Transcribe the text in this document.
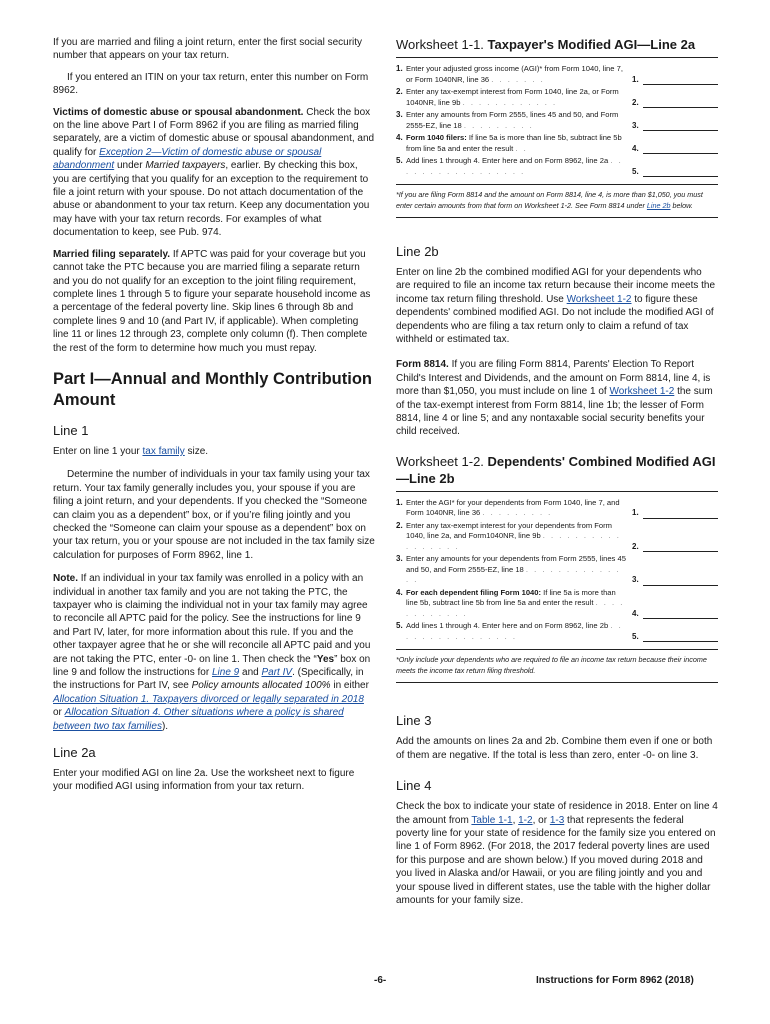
If you are married and filing a joint return, enter the first social security number that appears on your tax return.

If you entered an ITIN on your tax return, enter this number on Form 8962.

Victims of domestic abuse or spousal abandonment. Check the box on the line above Part I of Form 8962 if you are filing as married filing separately, are a victim of domestic abuse or spousal abandonment, and qualify for Exception 2—Victim of domestic abuse or spousal abandonment under Married taxpayers, earlier. By checking this box, you are certifying that you qualify for an exception to the requirement to file a joint return with your spouse. Do not attach documentation of the abuse or abandonment to your tax return. Keep any documentation you may have with your tax return records. For examples of what documentation to keep, see Pub. 974.

Married filing separately. If APTC was paid for your coverage but you cannot take the PTC because you are married filing a separate return and you do not qualify for an exception to the joint filing requirement, complete lines 1 through 5 to figure your separate household income as a percentage of the federal poverty line. Skip lines 6 through 8b and complete lines 9 and 10 (and Part IV, if applicable). When completing line 11 or lines 12 through 23, complete only column (f). Then complete the rest of the form to determine how much you must repay.

Part I—Annual and Monthly Contribution Amount
Line 1

Enter on line 1 your tax family size.

Determine the number of individuals in your tax family using your tax return. Your tax family generally includes you, your spouse if you are filing a joint return, and your dependents. If you checked the “Someone can claim you as a dependent” box, or if you’re filing jointly and you checked the “Someone can claim your spouse as a dependent” box on your tax return, you or your spouse are not included in the tax family size calculation for purposes of Form 8962, line 1.

Note. If an individual in your tax family was enrolled in a policy with an individual in another tax family and you are not taking the PTC, the taxpayer who is claiming the individual not in your tax family may agree to reconcile all APTC paid for the policy. See the instructions for line 9 and Part IV, later, for more information about this rule. If you and the other taxpayer agree that he or she will reconcile all APTC paid and you are not taking the PTC, enter -0- on line 1. Then check the “Yes” box on line 9 and follow the instructions for Line 9 and Part IV. (Specifically, in the instructions for Part IV, see Policy amounts allocated 100% in either Allocation Situation 1. Taxpayers divorced or legally separated in 2018 or Allocation Situation 4. Other situations where a policy is shared between two tax families).

Line 2a

Enter your modified AGI on line 2a. Use the worksheet next to figure your modified AGI using information from your tax return.

Worksheet 1-1. Taxpayer's Modified AGI—Line 2a
1. Enter your adjusted gross income (AGI)* from Form 1040, line 7, or Form 1040NR, line 36 . . . . . . .	1.
2. Enter any tax-exempt interest from Form 1040, line 2a, or Form 1040NR, line 9b . . . . . . . . . . . .	2.
3. Enter any amounts from Form 2555, lines 45 and 50, and Form 2555-EZ, line 18 . . . . . . . . .	3.
4. Form 1040 filers: If line 5a is more than line 5b, subtract line 5b from line 5a and enter the result . .	4.
5. Add lines 1 through 4. Enter here and on Form 8962, line 2a . . . . . . . . . . . . . . . . .	5.
*If you are filing Form 8814 and the amount on Form 8814, line 4, is more than $1,050, you must enter certain amounts from that form on Worksheet 1-2. See Form 8814 under Line 2b below.
Line 2b

Enter on line 2b the combined modified AGI for your dependents who are required to file an income tax return because their income meets the income tax return filing threshold. Use Worksheet 1-2 to figure these dependents' combined modified AGI. Do not include the modified AGI of dependents who are filing a tax return only to claim a refund of tax withheld or estimated tax.

Form 8814. If you are filing Form 8814, Parents' Election To Report Child's Interest and Dividends, and the amount on Form 8814, line 4, is more than $1,050, you must include on line 1 of Worksheet 1-2 the sum of the tax-exempt interest from Form 8814, line 1b; the lesser of Form 8814, line 4 or line 5; and any nontaxable social security benefits your child received.

Worksheet 1-2. Dependents' Combined Modified AGI—Line 2b
1. Enter the AGI* for your dependents from Form 1040, line 7, and Form 1040NR, line 36 . . . . . . . . .	1.
2. Enter any tax-exempt interest for your dependents from Form 1040, line 2a, and Form1040NR, line 9b . . . . . . . . . . . . . . . . .	2.
3. Enter any amounts for your dependents from Form 2555, lines 45 and 50, and Form 2555-EZ, line 18 . . . . . . . . . . . . . .	3.
4. For each dependent filing Form 1040: If line 5a is more than line 5b, subtract line 5b from line 5a and enter the result . . . . . . . . . . . .	4.
5. Add lines 1 through 4. Enter here and on Form 8962, line 2b . . . . . . . . . . . . . . . .	5.
*Only include your dependents who are required to file an income tax return because their income meets the income tax return filing threshold.
Line 3

Add the amounts on lines 2a and 2b. Combine them even if one or both of them are negative. If the total is less than zero, enter -0- on line 3.

Line 4

Check the box to indicate your state of residence in 2018. Enter on line 4 the amount from Table 1-1, 1-2, or 1-3 that represents the federal poverty line for your state of residence for the family size you entered on line 1 of Form 8962. (For 2018, the 2017 federal poverty lines are used for this purpose and are shown below.) If you moved during 2018 and you lived in Alaska and/or Hawaii, or you are filing jointly and you and your spouse lived in different states, use the table with the higher dollar amounts for your family size.

-6-	Instructions for Form 8962 (2018)
